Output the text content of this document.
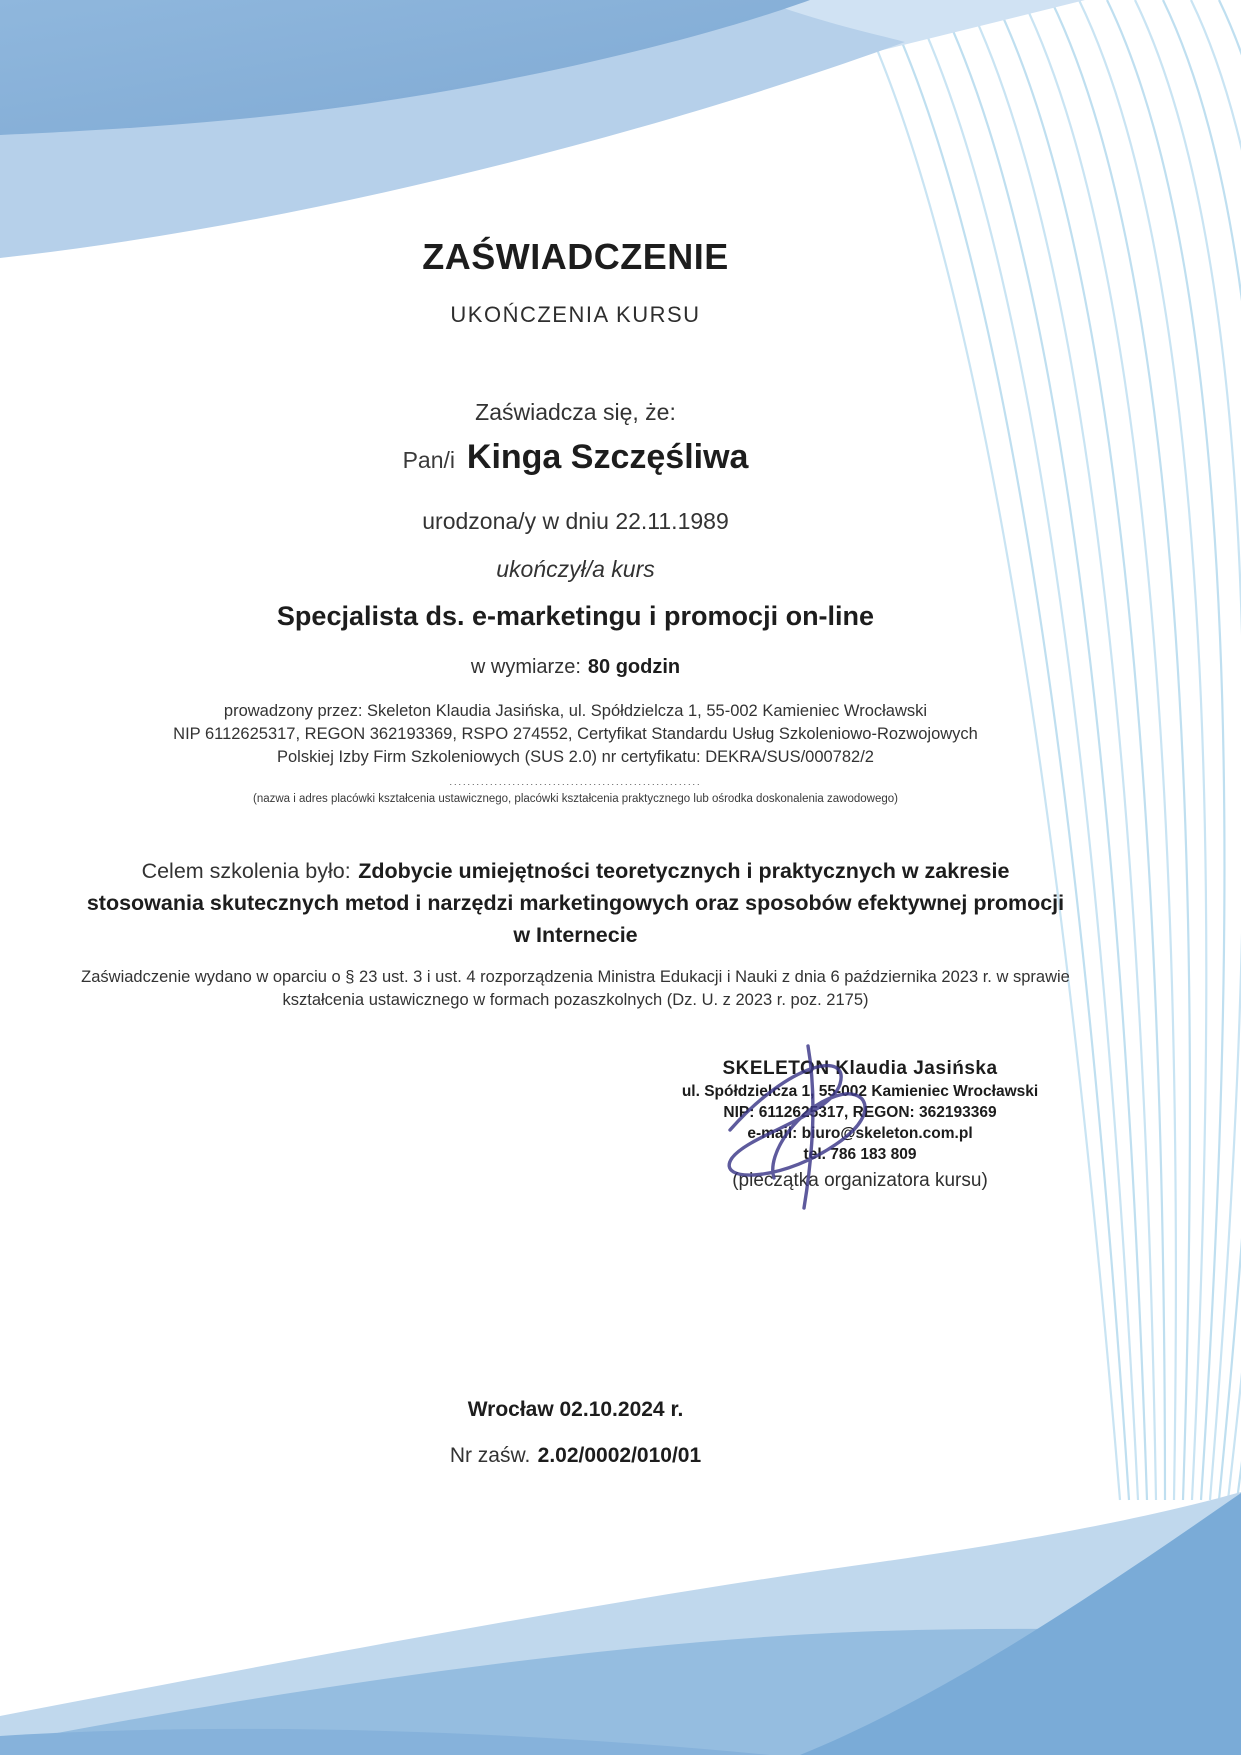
ZAŚWIADCZENIE
UKOŃCZENIA KURSU
Zaświadcza się, że:
Pan/i Kinga Szczęśliwa
urodzona/y w dniu 22.11.1989
ukończył/a kurs
Specjalista ds. e-marketingu i promocji on-line
w wymiarze: 80 godzin
prowadzony przez: Skeleton Klaudia Jasińska, ul. Spółdzielcza 1, 55-002 Kamieniec Wrocławski
NIP 6112625317, REGON 362193369, RSPO 274552, Certyfikat Standardu Usług Szkoleniowo-Rozwojowych
Polskiej Izby Firm Szkoleniowych (SUS 2.0) nr certyfikatu: DEKRA/SUS/000782/2
........................................................
(nazwa i adres placówki kształcenia ustawicznego, placówki kształcenia praktycznego lub ośrodka doskonalenia zawodowego)
Celem szkolenia było: Zdobycie umiejętności teoretycznych i praktycznych w zakresie stosowania skutecznych metod i narzędzi marketingowych oraz sposobów efektywnej promocji w Internecie
Zaświadczenie wydano w oparciu o § 23 ust. 3 i ust. 4 rozporządzenia Ministra Edukacji i Nauki z dnia 6 października 2023 r. w sprawie kształcenia ustawicznego w formach pozaszkolnych (Dz. U. z 2023 r. poz. 2175)
SKELETON Klaudia Jasińska
ul. Spółdzielcza 1, 55-002 Kamieniec Wrocławski
NIP: 6112625317, REGON: 362193369
e-mail: biuro@skeleton.com.pl
tel. 786 183 809
(pieczątka organizatora kursu)
Wrocław 02.10.2024 r.
Nr zaśw. 2.02/0002/010/01
